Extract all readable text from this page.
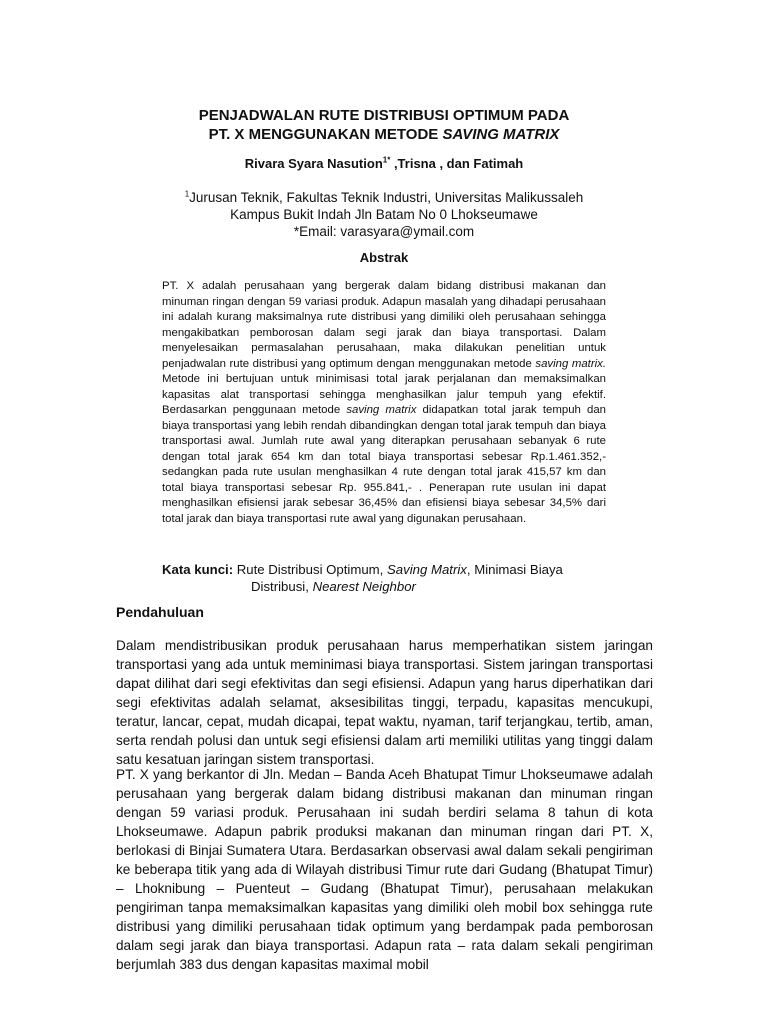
PENJADWALAN RUTE DISTRIBUSI OPTIMUM PADA
PT. X MENGGUNAKAN METODE SAVING MATRIX
Rivara Syara Nasution$^{1*}$ ,Trisna , dan Fatimah
$^1$Jurusan Teknik, Fakultas Teknik Industri, Universitas Malikussaleh
Kampus Bukit Indah Jln Batam No 0 Lhokseumawe
*Email: varasyara@ymail.com
Abstrak

PT. X adalah perusahaan yang bergerak dalam bidang distribusi makanan dan minuman ringan dengan 59 variasi produk. Adapun masalah yang dihadapi perusahaan ini adalah kurang maksimalnya rute distribusi yang dimiliki oleh perusahaan sehingga mengakibatkan pemborosan dalam segi jarak dan biaya transportasi. Dalam menyelesaikan permasalahan perusahaan, maka dilakukan penelitian untuk penjadwalan rute distribusi yang optimum dengan menggunakan metode saving matrix. Metode ini bertujuan untuk minimisasi total jarak perjalanan dan memaksimalkan kapasitas alat transportasi sehingga menghasilkan jalur tempuh yang efektif. Berdasarkan penggunaan metode saving matrix didapatkan total jarak tempuh dan biaya transportasi yang lebih rendah dibandingkan dengan total jarak tempuh dan biaya transportasi awal. Jumlah rute awal yang diterapkan perusahaan sebanyak 6 rute dengan total jarak 654 km dan total biaya transportasi sebesar Rp.1.461.352,- sedangkan pada rute usulan menghasilkan 4 rute dengan total jarak 415,57 km dan total biaya transportasi sebesar Rp. 955.841,- . Penerapan rute usulan ini dapat menghasilkan efisiensi jarak sebesar 36,45% dan efisiensi biaya sebesar 34,5% dari total jarak dan biaya transportasi rute awal yang digunakan perusahaan.

Kata kunci: Rute Distribusi Optimum, Saving Matrix, Minimasi Biaya
Distribusi, Nearest Neighbor
Pendahuluan

Dalam mendistribusikan produk perusahaan harus memperhatikan sistem jaringan transportasi yang ada untuk meminimasi biaya transportasi. Sistem jaringan transportasi dapat dilihat dari segi efektivitas dan segi efisiensi. Adapun yang harus diperhatikan dari segi efektivitas adalah selamat, aksesibilitas tinggi, terpadu, kapasitas mencukupi, teratur, lancar, cepat, mudah dicapai, tepat waktu, nyaman, tarif terjangkau, tertib, aman, serta rendah polusi dan untuk segi efisiensi dalam arti memiliki utilitas yang tinggi dalam satu kesatuan jaringan sistem transportasi.

PT. X yang berkantor di Jln. Medan – Banda Aceh Bhatupat Timur Lhokseumawe adalah perusahaan yang bergerak dalam bidang distribusi makanan dan minuman ringan dengan 59 variasi produk. Perusahaan ini sudah berdiri selama 8 tahun di kota Lhokseumawe. Adapun pabrik produksi makanan dan minuman ringan dari PT. X, berlokasi di Binjai Sumatera Utara. Berdasarkan observasi awal dalam sekali pengiriman ke beberapa titik yang ada di Wilayah distribusi Timur rute dari Gudang (Bhatupat Timur) – Lhoknibung – Puenteut – Gudang (Bhatupat Timur), perusahaan melakukan pengiriman tanpa memaksimalkan kapasitas yang dimiliki oleh mobil box sehingga rute distribusi yang dimiliki perusahaan tidak optimum yang berdampak pada pemborosan dalam segi jarak dan biaya transportasi. Adapun rata – rata dalam sekali pengiriman berjumlah 383 dus dengan kapasitas maximal mobil
